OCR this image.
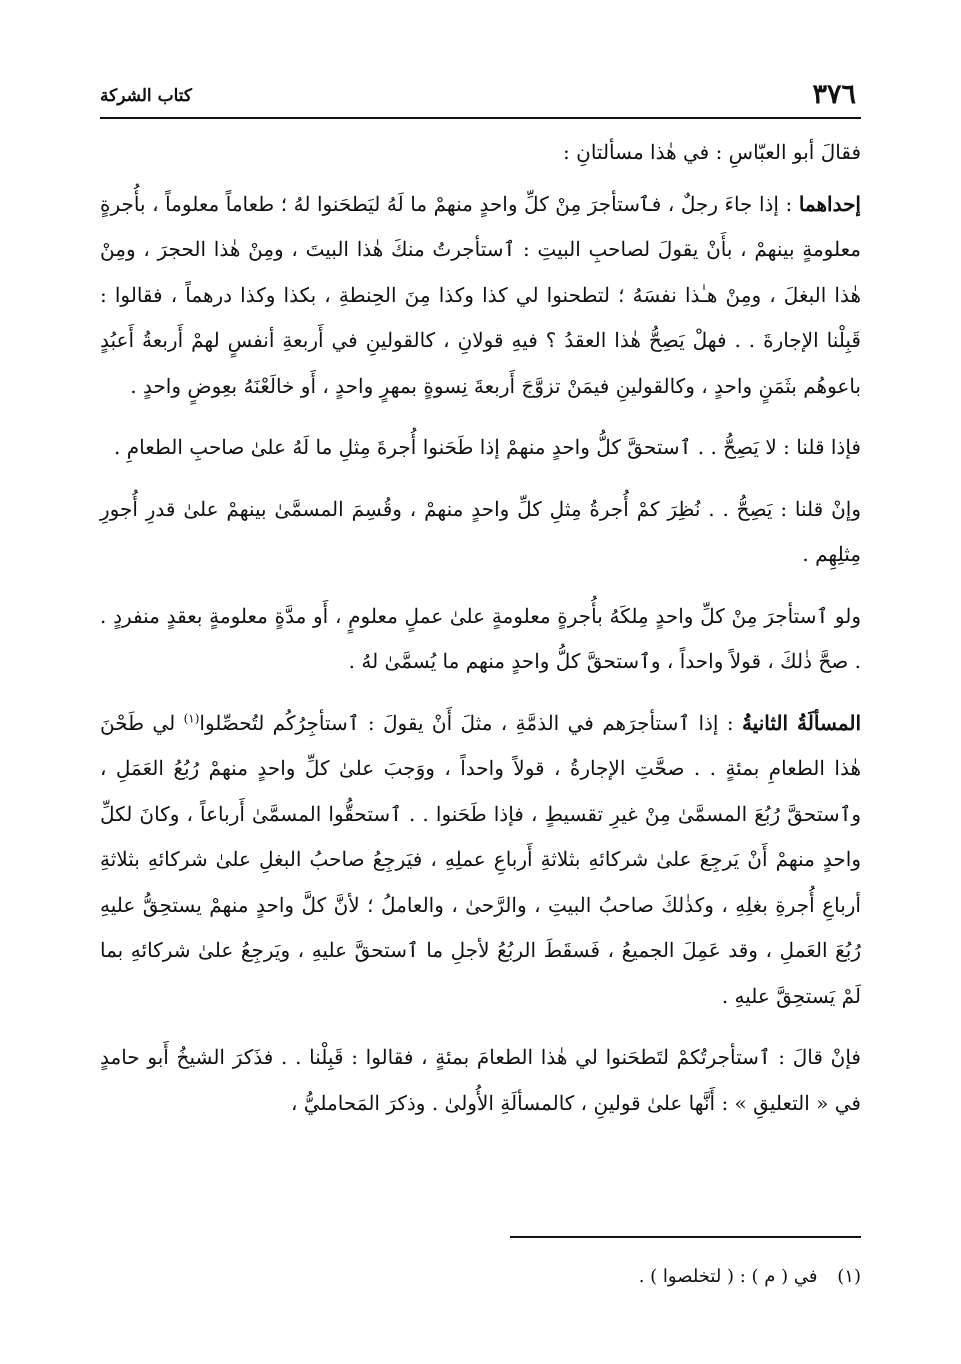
٣٧٦
كتاب الشركة

فقالَ أبو العبّاسِ : في هٰذا مسألتانِ :

إحداهما : إذا جاءَ رجلٌ ، فٱستأجرَ مِنْ كلِّ واحدٍ منهمْ ما لَهُ ليَطحَنوا لهُ ؛ طعاماً معلوماً ، بأُجرةٍ معلومةٍ بينهمْ ، بأَنْ يقولَ لصاحبِ البيتِ : ٱستأجرتُ منكَ هٰذا البيتَ ، ومِنْ هٰذا الحجرَ ، ومِنْ هٰذا البغلَ ، ومِنْ هـٰذا نفسَهُ ؛ لتطحنوا لي كذا وكذا مِنَ الحِنطةِ ، بكذا وكذا درهماً ، فقالوا : قَبِلْنا الإجارةَ . . فهلْ يَصِحُّ هٰذا العقدُ ؟ فيهِ قولانِ ، كالقولينِ في أَربعةِ أنفسٍ لهمْ أَربعةُ أَعبُدٍ باعوهُم بثَمَنٍ واحدٍ ، وكالقولينِ فيمَنْ تزوَّجَ أَربعةَ نِسوةٍ بمهرٍ واحدٍ ، أَو خالَعْنَهُ بعِوضٍ واحدٍ .

فإذا قلنا : لا يَصِحُّ . . ٱستحقَّ كلُّ واحدٍ منهمْ إذا طَحَنوا أُجرةَ مِثلِ ما لَهُ علىٰ صاحبِ الطعامِ .

وإنْ قلنا : يَصِحُّ . . نُظِرَ كمْ أُجرةُ مِثلِ كلِّ واحدٍ منهمْ ، وقُسِمَ المسمَّىٰ بينهمْ علىٰ قدرِ أُجورِ مِثلِهِم .

ولو ٱستأجرَ مِنْ كلِّ واحدٍ مِلكَهُ بأُجرةٍ معلومةٍ علىٰ عملٍ معلومٍ ، أَو مدَّةٍ معلومةٍ بعقدٍ منفردٍ . . صحَّ ذٰلكَ ، قولاً واحداً ، وٱستحقَّ كلُّ واحدٍ منهم ما يُسمَّىٰ لهُ .

المسألَةُ الثانيةُ : إذا ٱستأجرَهم في الذمَّةِ ، مثلَ أَنْ يقولَ : ٱستأجِرُكُم لتُحصِّلوا$^{(١)}$ لي طَحْنَ هٰذا الطعامِ بمئةٍ . . صحَّتِ الإجارةُ ، قولاً واحداً ، ووَجبَ علىٰ كلِّ واحدٍ منهمْ رُبُعُ العَمَلِ ، وٱستحقَّ رُبُعَ المسمَّىٰ مِنْ غيرِ تقسيطٍ ، فإذا طَحَنوا . . ٱستحقُّوا المسمَّىٰ أَرباعاً ، وكانَ لكلِّ واحدٍ منهمْ أَنْ يَرجِعَ علىٰ شركائهِ بثلاثةِ أَرباعِ عملِهِ ، فيَرجِعُ صاحبُ البغلِ علىٰ شركائهِ بثلاثةِ أرباعِ أُجرةِ بغلِهِ ، وكذٰلكَ صاحبُ البيتِ ، والرَّحىٰ ، والعاملُ ؛ لأنَّ كلَّ واحدٍ منهمْ يستحِقُّ عليهِ رُبُعَ العَملِ ، وقد عَمِلَ الجميعُ ، فَسقَطَ الربُعُ لأجلِ ما ٱستحقَّ عليهِ ، ويَرجِعُ علىٰ شركائهِ بما لَمْ يَستحِقَّ عليهِ .

فإنْ قالَ : ٱستأجرتُكمْ لتَطحَنوا لي هٰذا الطعامَ بمئةٍ ، فقالوا : قَبِلْنا . . فذَكرَ الشيخُ أَبو حامدٍ في « التعليقِ » : أَنَّها علىٰ قولينِ ، كالمسألَةِ الأُولىٰ . وذكرَ المَحامليُّ ،

(١) في ( م ) : ( لتخلصوا ) .
